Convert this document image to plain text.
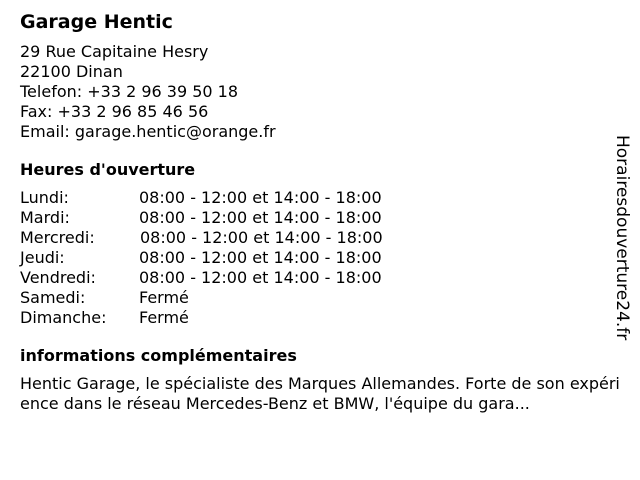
Garage Hentic
29 Rue Capitaine Hesry
22100 Dinan
Telefon: +33 2 96 39 50 18
Fax: +33 2 96 85 46 56
Email: garage.hentic@orange.fr
Heures d'ouverture
Lundi:	08:00 - 12:00 et 14:00 - 18:00
Mardi:	08:00 - 12:00 et 14:00 - 18:00
Mercredi:	08:00 - 12:00 et 14:00 - 18:00
Jeudi:	08:00 - 12:00 et 14:00 - 18:00
Vendredi:	08:00 - 12:00 et 14:00 - 18:00
Samedi:	Fermé
Dimanche:	Fermé
informations complémentaires
Hentic Garage, le spécialiste des Marques Allemandes. Forte de son expérience dans le réseau Mercedes-Benz et BMW, l'équipe du gara...
Horairesdouverture24.fr
